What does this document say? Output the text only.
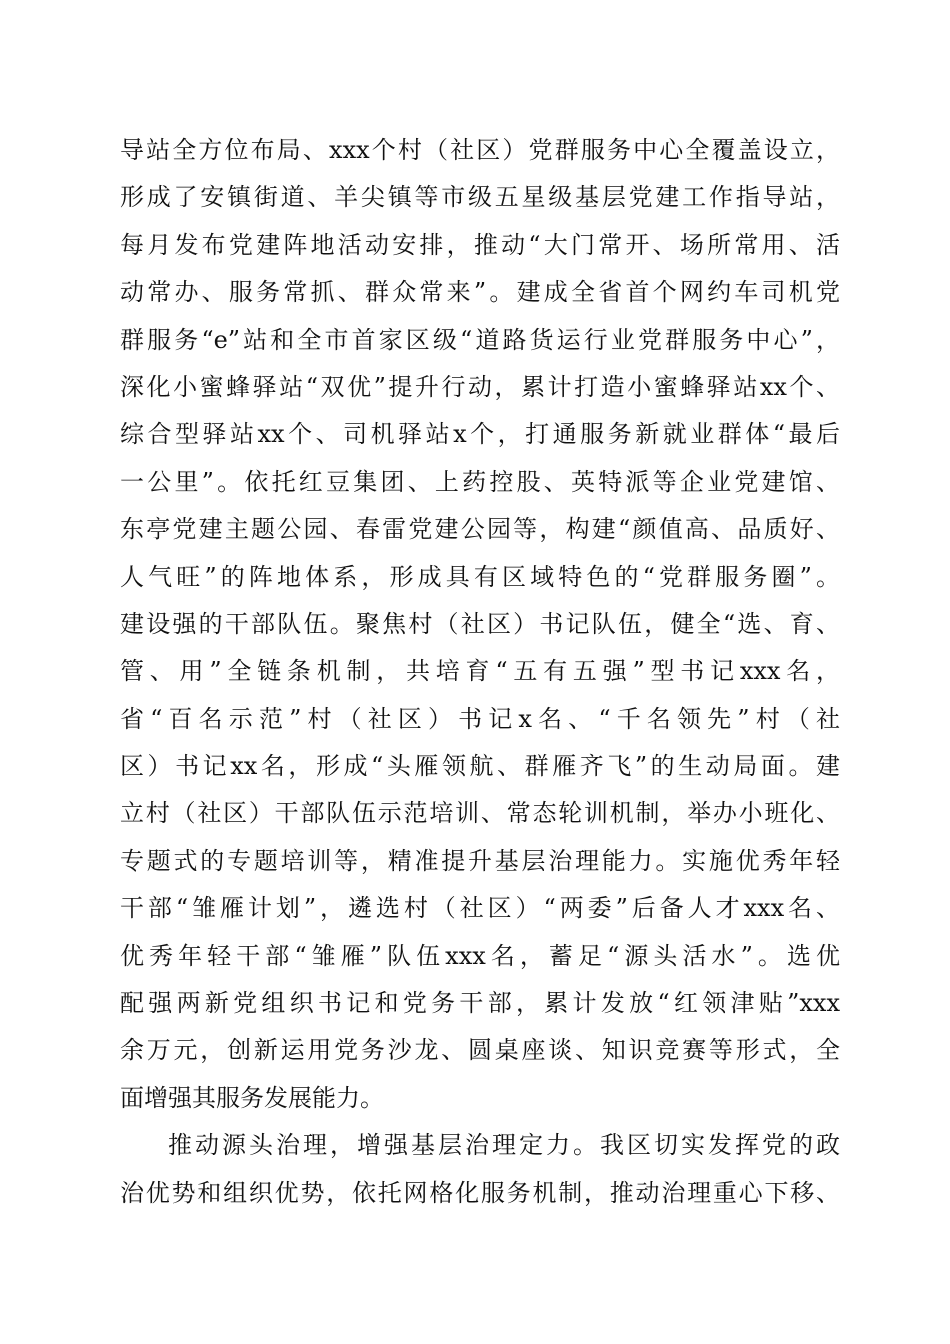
导站全方位布局、xxx个村（社区）党群服务中心全覆盖设立，
形成了安镇街道、羊尖镇等市级五星级基层党建工作指导站，
每月发布党建阵地活动安排，推动“大门常开、场所常用、活
动常办、服务常抓、群众常来”。建成全省首个网约车司机党
群服务“e”站和全市首家区级“道路货运行业党群服务中心”，
深化小蜜蜂驿站“双优”提升行动，累计打造小蜜蜂驿站xx个、
综合型驿站xx个、司机驿站x个，打通服务新就业群体“最后
一公里”。依托红豆集团、上药控股、英特派等企业党建馆、
东亭党建主题公园、春雷党建公园等，构建“颜值高、品质好、
人气旺”的阵地体系，形成具有区域特色的“党群服务圈”。
建设强的干部队伍。聚焦村（社区）书记队伍，健全“选、育、
管、用”全链条机制，共培育“五有五强”型书记xxx名，
省“百名示范”村（社区）书记x名、“千名领先”村（社
区）书记xx名，形成“头雁领航、群雁齐飞”的生动局面。建
立村（社区）干部队伍示范培训、常态轮训机制，举办小班化、
专题式的专题培训等，精准提升基层治理能力。实施优秀年轻
干部“雏雁计划”，遴选村（社区）“两委”后备人才xxx名、
优秀年轻干部“雏雁”队伍xxx名，蓄足“源头活水”。选优
配强两新党组织书记和党务干部，累计发放“红领津贴”xxx
余万元，创新运用党务沙龙、圆桌座谈、知识竞赛等形式，全
面增强其服务发展能力。
推动源头治理，增强基层治理定力。我区切实发挥党的政
治优势和组织优势，依托网格化服务机制，推动治理重心下移、
